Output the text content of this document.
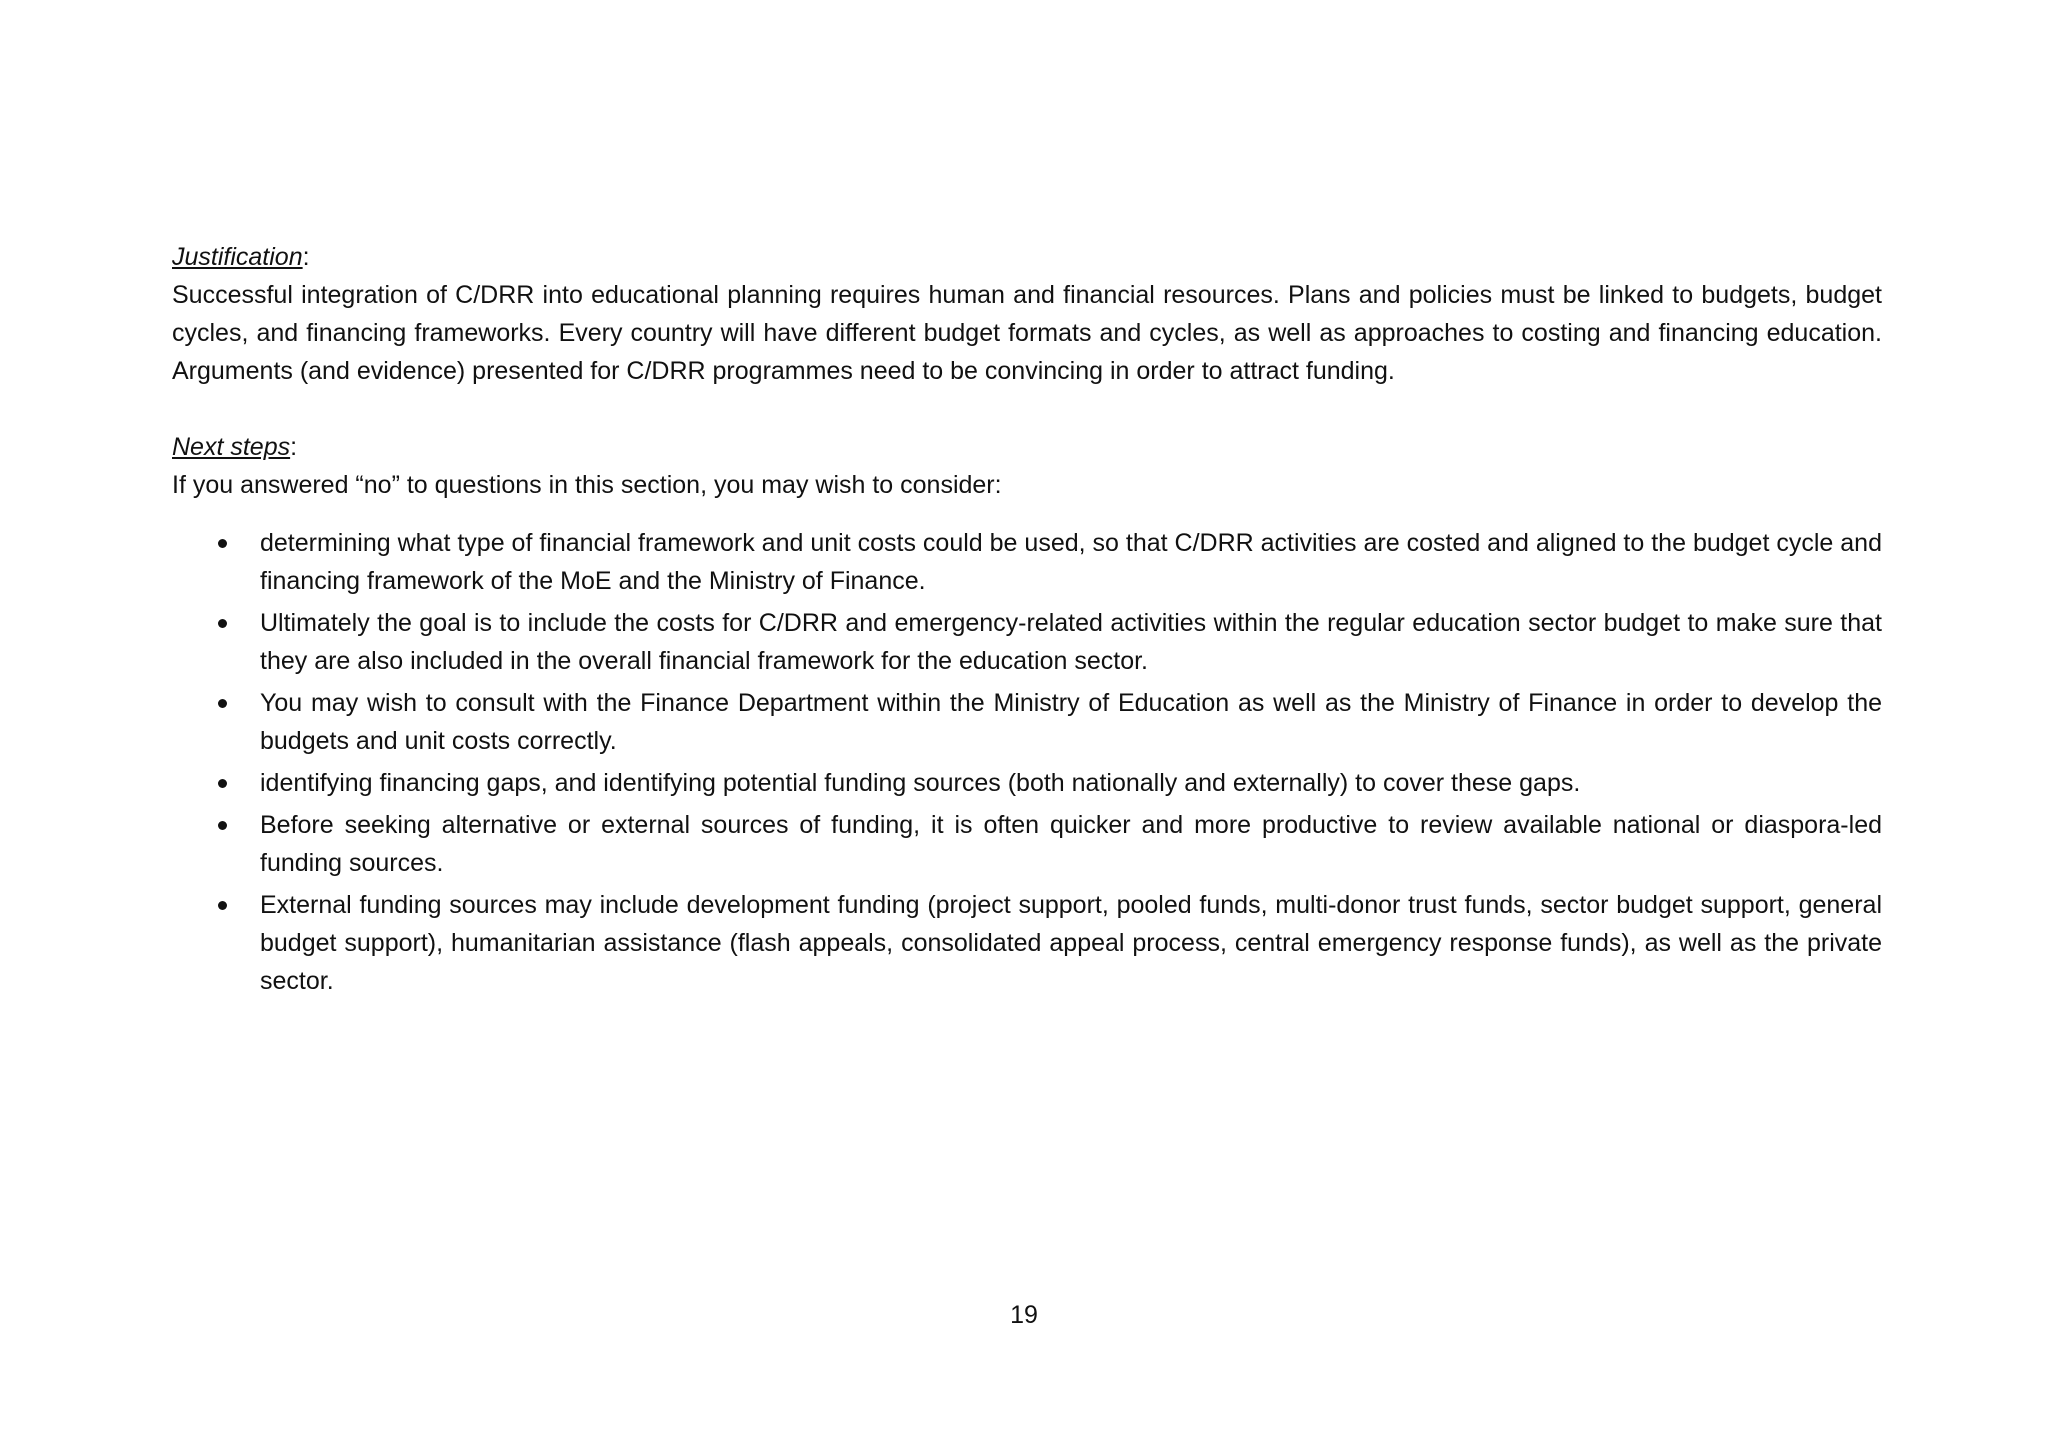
Justification:

Successful integration of C/DRR into educational planning requires human and financial resources. Plans and policies must be linked to budgets, budget cycles, and financing frameworks. Every country will have different budget formats and cycles, as well as approaches to costing and financing education. Arguments (and evidence) presented for C/DRR programmes need to be convincing in order to attract funding.

Next steps:

If you answered “no” to questions in this section, you may wish to consider:

determining what type of financial framework and unit costs could be used, so that C/DRR activities are costed and aligned to the budget cycle and financing framework of the MoE and the Ministry of Finance.
Ultimately the goal is to include the costs for C/DRR and emergency-related activities within the regular education sector budget to make sure that they are also included in the overall financial framework for the education sector.
You may wish to consult with the Finance Department within the Ministry of Education as well as the Ministry of Finance in order to develop the budgets and unit costs correctly.
identifying financing gaps, and identifying potential funding sources (both nationally and externally) to cover these gaps.
Before seeking alternative or external sources of funding, it is often quicker and more productive to review available national or diaspora-led funding sources.
External funding sources may include development funding (project support, pooled funds, multi-donor trust funds, sector budget support, general budget support), humanitarian assistance (flash appeals, consolidated appeal process, central emergency response funds), as well as the private sector.
19
